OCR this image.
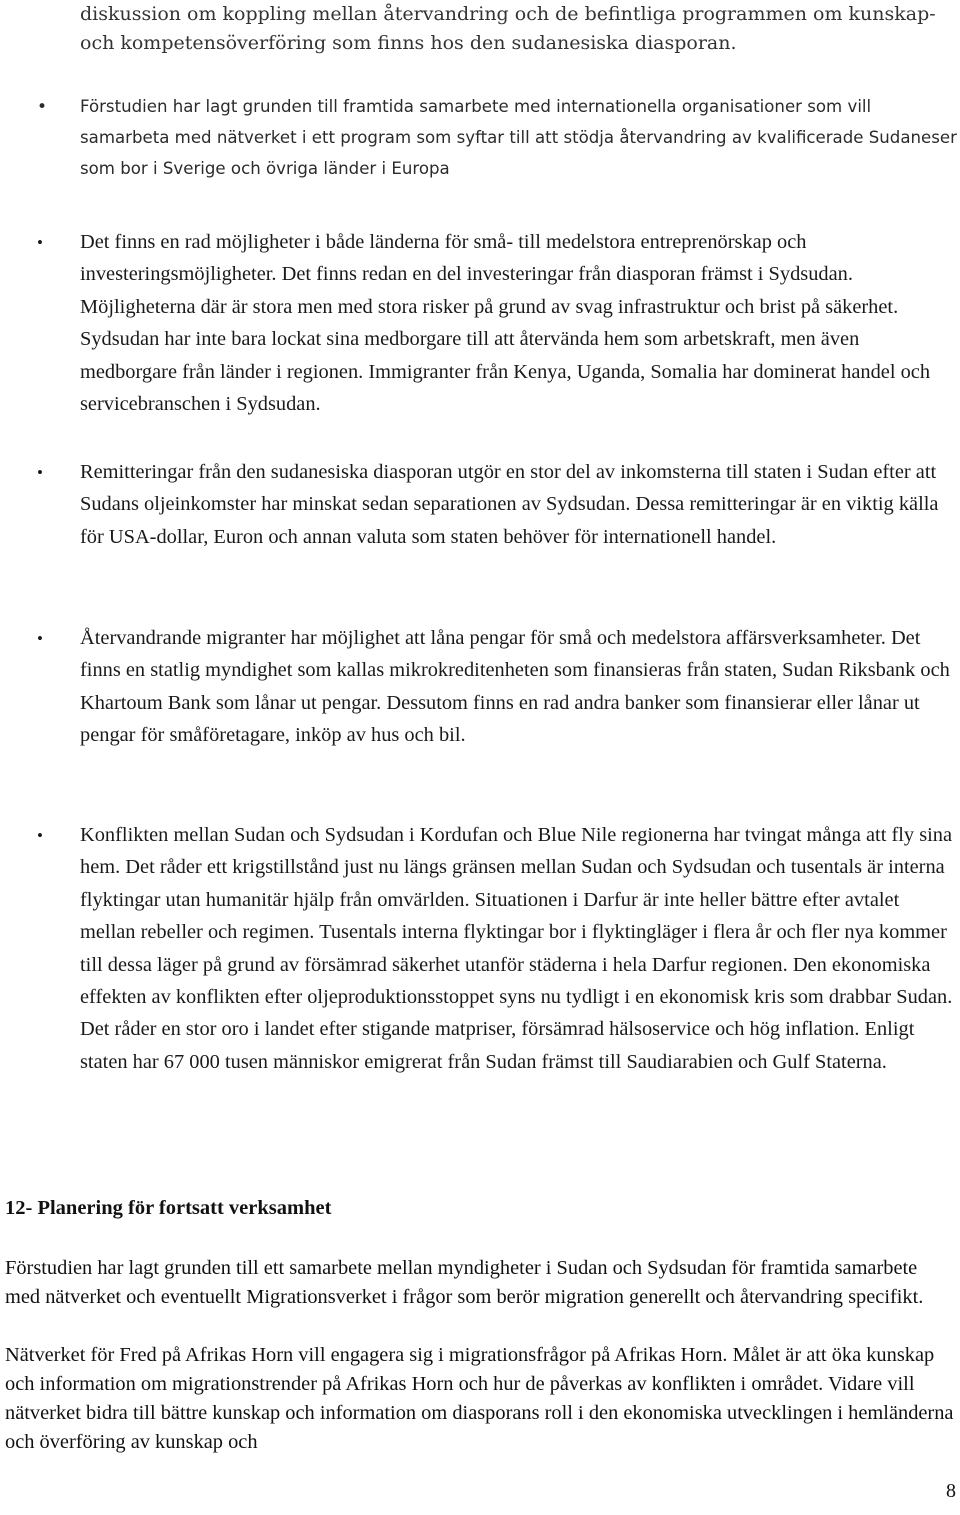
diskussion om koppling mellan återvandring och de befintliga programmen om kunskap- och kompetensöverföring som finns hos den sudanesiska diasporan.
• Förstudien har lagt grunden till framtida samarbete med internationella organisationer som vill samarbeta med nätverket i ett program som syftar till att stödja återvandring av kvalificerade Sudaneser som bor i Sverige och övriga länder i Europa
• Det finns en rad möjligheter i både länderna för små- till medelstora entreprenörskap och investeringsmöjligheter. Det finns redan en del investeringar från diasporan främst i Sydsudan. Möjligheterna där är stora men med stora risker på grund av svag infrastruktur och brist på säkerhet. Sydsudan har inte bara lockat sina medborgare till att återvända hem som arbetskraft, men även medborgare från länder i regionen. Immigranter från Kenya, Uganda, Somalia har dominerat handel och servicebranschen i Sydsudan.
• Remitteringar från den sudanesiska diasporan utgör en stor del av inkomsterna till staten i Sudan efter att Sudans oljeinkomster har minskat sedan separationen av Sydsudan. Dessa remitteringar är en viktig källa för USA-dollar, Euron och annan valuta som staten behöver för internationell handel.
• Återvandrande migranter har möjlighet att låna pengar för små och medelstora affärsverksamheter. Det finns en statlig myndighet som kallas mikrokreditenheten som finansieras från staten, Sudan Riksbank och Khartoum Bank som lånar ut pengar. Dessutom finns en rad andra banker som finansierar eller lånar ut pengar för småföretagare, inköp av hus och bil.
• Konflikten mellan Sudan och Sydsudan i Kordufan och Blue Nile regionerna har tvingat många att fly sina hem. Det råder ett krigstillstånd just nu längs gränsen mellan Sudan och Sydsudan och tusentals är interna flyktingar utan humanitär hjälp från omvärlden. Situationen i Darfur är inte heller bättre efter avtalet mellan rebeller och regimen. Tusentals interna flyktingar bor i flyktingläger i flera år och fler nya kommer till dessa läger på grund av försämrad säkerhet utanför städerna i hela Darfur regionen. Den ekonomiska effekten av konflikten efter oljeproduktionsstoppet syns nu tydligt i en ekonomisk kris som drabbar Sudan. Det råder en stor oro i landet efter stigande matpriser, försämrad hälsoservice och hög inflation. Enligt staten har 67 000 tusen människor emigrerat från Sudan främst till Saudiarabien och Gulf Staterna.
12- Planering för fortsatt verksamhet
Förstudien har lagt grunden till ett samarbete mellan myndigheter i Sudan och Sydsudan för framtida samarbete med nätverket och eventuellt Migrationsverket i frågor som berör migration generellt och återvandring specifikt.
Nätverket för Fred på Afrikas Horn vill engagera sig i migrationsfrågor på Afrikas Horn. Målet är att öka kunskap och information om migrationstrender på Afrikas Horn och hur de påverkas av konflikten i området. Vidare vill nätverket bidra till bättre kunskap och information om diasporans roll i den ekonomiska utvecklingen i hemländerna och överföring av kunskap och
8
